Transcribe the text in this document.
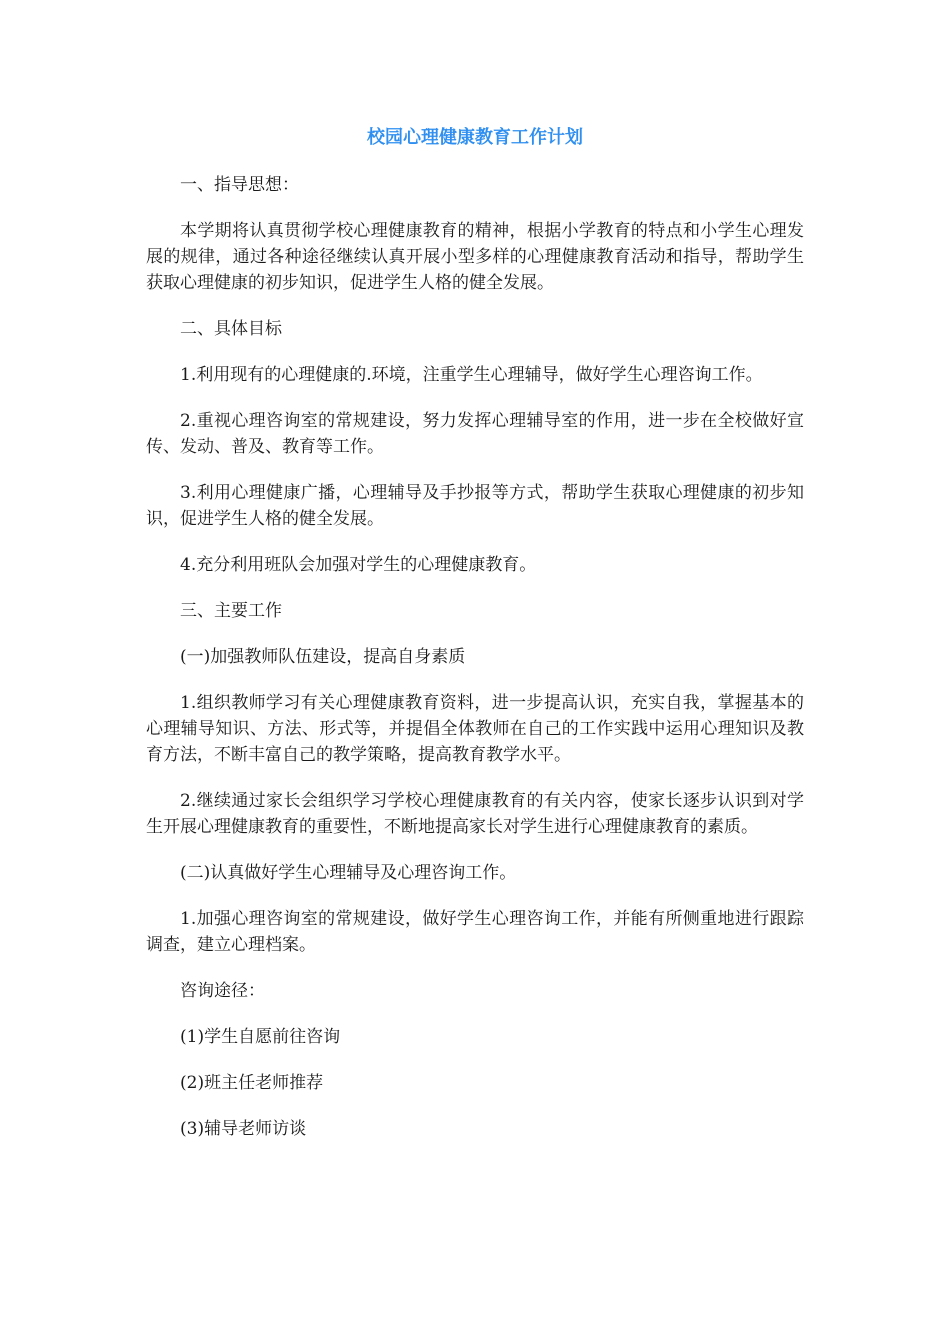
校园心理健康教育工作计划

一、指导思想：

本学期将认真贯彻学校心理健康教育的精神，根据小学教育的特点和小学生心理发展的规律，通过各种途径继续认真开展小型多样的心理健康教育活动和指导，帮助学生获取心理健康的初步知识，促进学生人格的健全发展。

二、具体目标

1.利用现有的心理健康的.环境，注重学生心理辅导，做好学生心理咨询工作。

2.重视心理咨询室的常规建设，努力发挥心理辅导室的作用，进一步在全校做好宣传、发动、普及、教育等工作。

3.利用心理健康广播，心理辅导及手抄报等方式，帮助学生获取心理健康的初步知识，促进学生人格的健全发展。

4.充分利用班队会加强对学生的心理健康教育。

三、主要工作

(一)加强教师队伍建设，提高自身素质

1.组织教师学习有关心理健康教育资料，进一步提高认识，充实自我，掌握基本的心理辅导知识、方法、形式等，并提倡全体教师在自己的工作实践中运用心理知识及教育方法，不断丰富自己的教学策略，提高教育教学水平。

2.继续通过家长会组织学习学校心理健康教育的有关内容，使家长逐步认识到对学生开展心理健康教育的重要性，不断地提高家长对学生进行心理健康教育的素质。

(二)认真做好学生心理辅导及心理咨询工作。

1.加强心理咨询室的常规建设，做好学生心理咨询工作，并能有所侧重地进行跟踪调查，建立心理档案。

咨询途径：

(1)学生自愿前往咨询

(2)班主任老师推荐

(3)辅导老师访谈
